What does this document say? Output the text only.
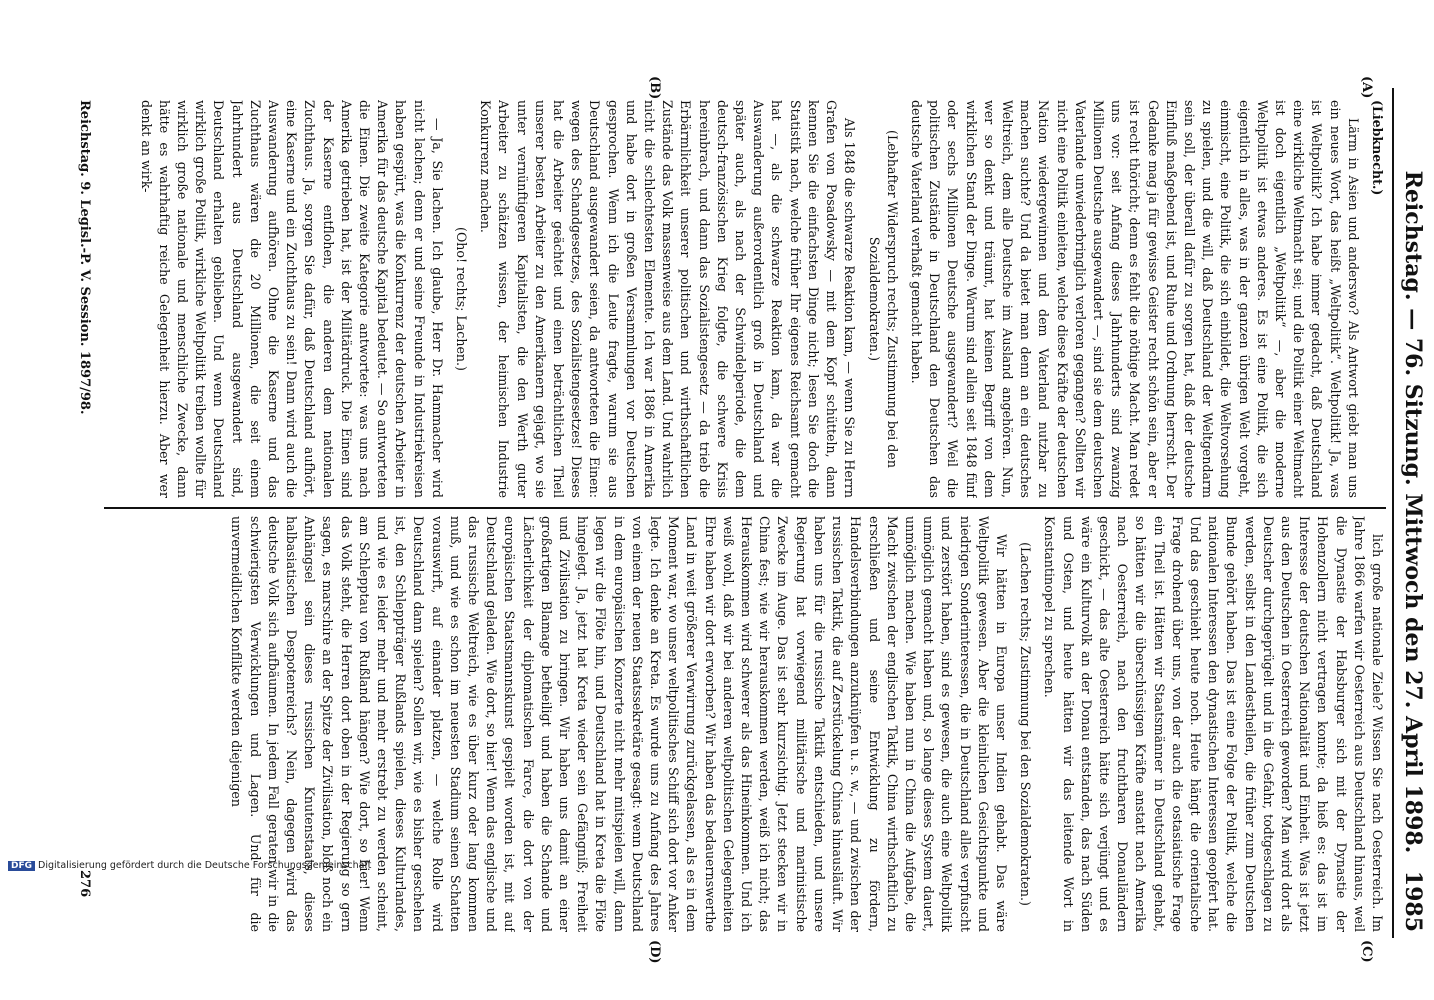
Reichstag. — 76. Sitzung. Mittwoch den 27. April 1898.
1985
(A)
(B)
(C)
(D)

(Liebknecht.)

Lärm in Asien und anderswo? Als Antwort giebt man uns ein neues Wort, das heißt „Weltpolitik“. Weltpolitik! Ja, was ist Weltpolitik? Ich habe immer gedacht, daß Deutschland eine wirkliche Weltmacht sei; und die Politik einer Weltmacht ist doch eigentlich „Weltpolitik“ —, aber die moderne Weltpolitik ist etwas anderes. Es ist eine Politik, die sich eigentlich in alles, was in der ganzen übrigen Welt vorgeht, einmischt, eine Politik, die sich einbildet, die Weltvorsehung zu spielen, und die will, daß Deutschland der Weltgendarm sein soll, der überall dafür zu sorgen hat, daß der deutsche Einfluß maßgebend ist, und Ruhe und Ordnung herrscht. Der Gedanke mag ja für gewisse Geister recht schön sein, aber er ist recht thöricht; denn es fehlt die nöthige Macht. Man redet uns vor: seit Anfang dieses Jahrhunderts sind zwanzig Millionen Deutsche ausgewandert —, sind sie dem deutschen Vaterlande unwiederbringlich verloren gegangen? Sollten wir nicht eine Politik einleiten, welche diese Kräfte der deutschen Nation wiedergewinnen und dem Vaterland nutzbar zu machen suchte? Und da bietet man denn an ein deutsches Weltreich, dem alle Deutsche im Ausland angehören. Nun, wer so denkt und träumt, hat keinen Begriff von dem wirklichen Stand der Dinge. Warum sind allein seit 1848 fünf oder sechs Millionen Deutsche ausgewandert? Weil die politischen Zustände in Deutschland den Deutschen das deutsche Vaterland verhaßt gemacht haben.

(Lebhafter Widerspruch rechts; Zustimmung bei den Sozialdemokraten.)

Als 1848 die schwarze Reaktion kam, — wenn Sie zu Herrn Grafen von Posadowsky — mit dem Kopf schütteln, dann kennen Sie die einfachsten Dinge nicht; lesen Sie doch die Statistik nach, welche früher Ihr eigenes Reichsamt gemacht hat —, als die schwarze Reaktion kam, da war die Auswanderung außerordentlich groß in Deutschland und später auch, als nach der Schwindelperiode, die dem deutsch-französischen Krieg folgte, die schwere Krisis hereinbrach, und dann das Sozialistengesetz — da trieb die Erbärmlichkeit unserer politischen und wirthschaftlichen Zustände das Volk massenweise aus dem Land. Und wahrlich nicht die schlechtesten Elemente. Ich war 1886 in Amerika und habe dort in großen Versammlungen vor Deutschen gesprochen. Wenn ich die Leute fragte, warum sie aus Deutschland ausgewandert seien, da antworteten die Einen: wegen des Schandgesetzes, des Sozialistengesetzes! Dieses hat die Arbeiter geächtet und einen beträchtlichen Theil unserer besten Arbeiter zu den Amerikanern gejagt, wo sie unter vernünftigeren Kapitalisten, die den Werth guter Arbeiter zu schätzen wissen, der heimischen Industrie Konkurrenz machen.

(Oho! rechts; Lachen.)

— Ja, Sie lachen. Ich glaube, Herr Dr. Hammacher wird nicht lachen; denn er und seine Freunde in Industriekreisen haben gespürt, was die Konkurrenz der deutschen Arbeiter in Amerika für das deutsche Kapital bedeutet. — So antworteten die Einen. Die zweite Kategorie antwortete: was uns nach Amerika getrieben hat, ist der Militärdruck. Die Einen sind der Kaserne entflohen, die anderen dem nationalen Zuchthaus. Ja, sorgen Sie dafür, daß Deutschland aufhört, eine Kaserne und ein Zuchthaus zu sein! Dann wird auch die Auswanderung aufhören. Ohne die Kaserne und das Zuchthaus wären die 20 Millionen, die seit einem Jahrhundert aus Deutschland ausgewandert sind, Deutschland erhalten geblieben. Und wenn Deutschland wirklich große Politik, wirkliche Weltpolitik treiben wollte für wirklich große nationale und menschliche Zwecke, dann hätte es wahrhaftig reiche Gelegenheit hierzu. Aber wer denkt an wirk-

lich große nationale Ziele? Wissen Sie nach Oesterreich. Im Jahre 1866 warfen wir Oesterreich aus Deutschland hinaus, weil die Dynastie der Habsburger sich mit der Dynastie der Hohenzollern nicht vertragen konnte; da hieß es: das ist im Interesse der deutschen Nationalität und Einheit. Was ist jetzt aus den Deutschen in Oesterreich geworden? Man wird dort als Deutscher durchgeprügelt und in die Gefahr, todtgeschlagen zu werden, selbst in den Landestheilen, die früher zum Deutschen Bunde gehört haben. Das ist eine Folge der Politik, welche die nationalen Interessen den dynastischen Interessen geopfert hat. Und das geschieht heute noch. Heute hängt die orientalische Frage drohend über uns, von der auch die ostasiatische Frage ein Theil ist. Hätten wir Staatsmänner in Deutschland gehabt, so hätten wir die überschüssigen Kräfte anstatt nach Amerika nach Oesterreich, nach den fruchtbaren Donauländern geschickt, — das alte Oesterreich hätte sich verjüngt und es wäre ein Kulturvolk an der Donau entstanden, das nach Süden und Osten, und heute hätten wir das leitende Wort in Konstantinopel zu sprechen.

(Lachen rechts; Zustimmung bei den Sozialdemokraten.)

Wir hätten in Europa unser Indien gehabt. Das wäre Weltpolitik gewesen. Aber die kleinlichen Gesichtspunkte und niedrigen Sonderinteressen, die in Deutschland alles verpfuscht und zerstört haben, sind es gewesen, die auch eine Weltpolitik unmöglich gemacht haben und, so lange dieses System dauert, unmöglich machen. Wie haben nun in China die Aufgabe, die Macht zwischen der englischen Taktik, China wirthschaftlich zu erschließen und seine Entwicklung zu fördern, Handelsverbindungen anzuknüpfen u. s. w., — und zwischen der russischen Taktik, die auf Zerstückelung Chinas hinausläuft. Wir haben uns für die russische Taktik entschieden, und unsere Regierung hat vorwiegend militärische und marinistische Zwecke im Auge. Das ist sehr kurzsichtig. Jetzt stecken wir in China fest; wie wir herauskommen werden, weiß ich nicht; das Herauskommen wird schwerer als das Hineinkommen. Und ich weiß wohl, daß wir bei anderen weltpolitischen Gelegenheiten Ehre haben wir dort erworben? Wir haben das bedauernswerthe Land in weit größerer Verwirrung zurückgelassen, als es in dem Moment war, wo unser weltpolitisches Schiff sich dort vor Anker legte. Ich denke an Kreta. Es wurde uns zu Anfang des Jahres von einem der neuen Staatssekretäre gesagt: wenn Deutschland in dem europäischen Konzerte nicht mehr mitspielen will, dann legen wir die Flöte hin, und Deutschland hat in Kreta die Flöte hingelegt. Ja, jetzt hat Kreta wieder sein Gefängniß; Freiheit und Zivilisation zu bringen. Wir haben uns damit an einer großartigen Blamage betheiligt und haben die Schande und Lächerlichkeit der diplomatischen Farce, die dort von der europäischen Staatsmannskunst gespielt worden ist, mit auf Deutschland geladen. Wie dort, so hier! Wenn das englische und das russische Weltreich, wie es über kurz oder lang kommen muß, und wie es schon im neuesten Stadium seinen Schatten vorauswirft, auf einander platzen, — welche Rolle wird Deutschland dann spielen? Sollen wir, wie es bisher geschehen ist, den Schleppträger Rußlands spielen, dieses Kulturlandes, und wie es leider mehr und mehr erstrebt zu werden scheint, am Schlepptau von Rußland hängen? Wie dort, so hier! Wenn das Volk steht, die Herren dort oben in der Regierung so gern sagen, es marschire an der Spitze der Zivilisation, bloß noch ein Anhängsel sein dieses russischen Knutenstaats, dieses halbasiatischen Despotenreichs? Nein, dagegen wird das deutsche Volk sich aufbäumen. In jedem Fall geraten wir in die schwierigsten Verwicklungen und Lagen. Und für die unvermeidlichen Konflikte werden diejenigen

Reichstag. 9. Legisl.-P. V. Session. 1897/98.
276
DFG Digitalisierung gefördert durch die Deutsche Forschungsgemeinschaft
